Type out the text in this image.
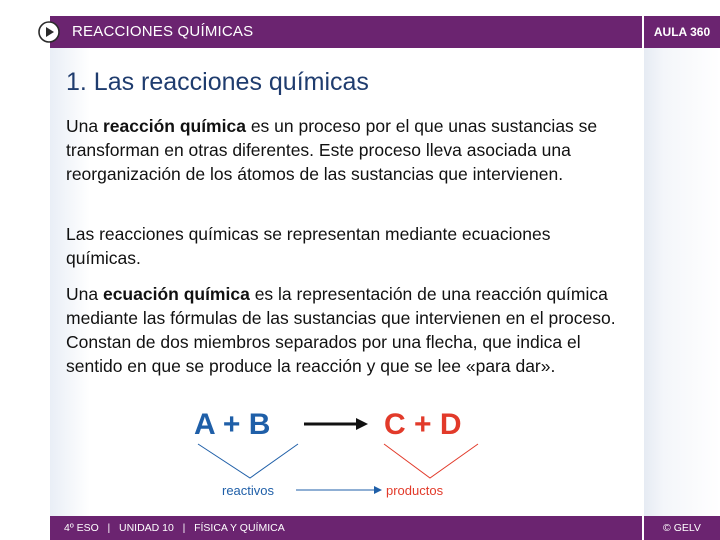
REACCIONES QUÍMICAS	AULA 360
1. Las reacciones químicas

Una reacción química es un proceso por el que unas sustancias se transforman en otras diferentes. Este proceso lleva asociada una reorganización de los átomos de las sustancias que intervienen.

Las reacciones químicas se representan mediante ecuaciones químicas.

Una ecuación química es la representación de una reacción química mediante las fórmulas de las sustancias que intervienen en el proceso. Constan de dos miembros separados por una flecha, que indica el sentido en que se produce la reacción y que se lee «para dar».

A + B	C + D
reactivos	productos
4º ESO   |   UNIDAD 10   |   FÍSICA Y QUÍMICA	© GELV
